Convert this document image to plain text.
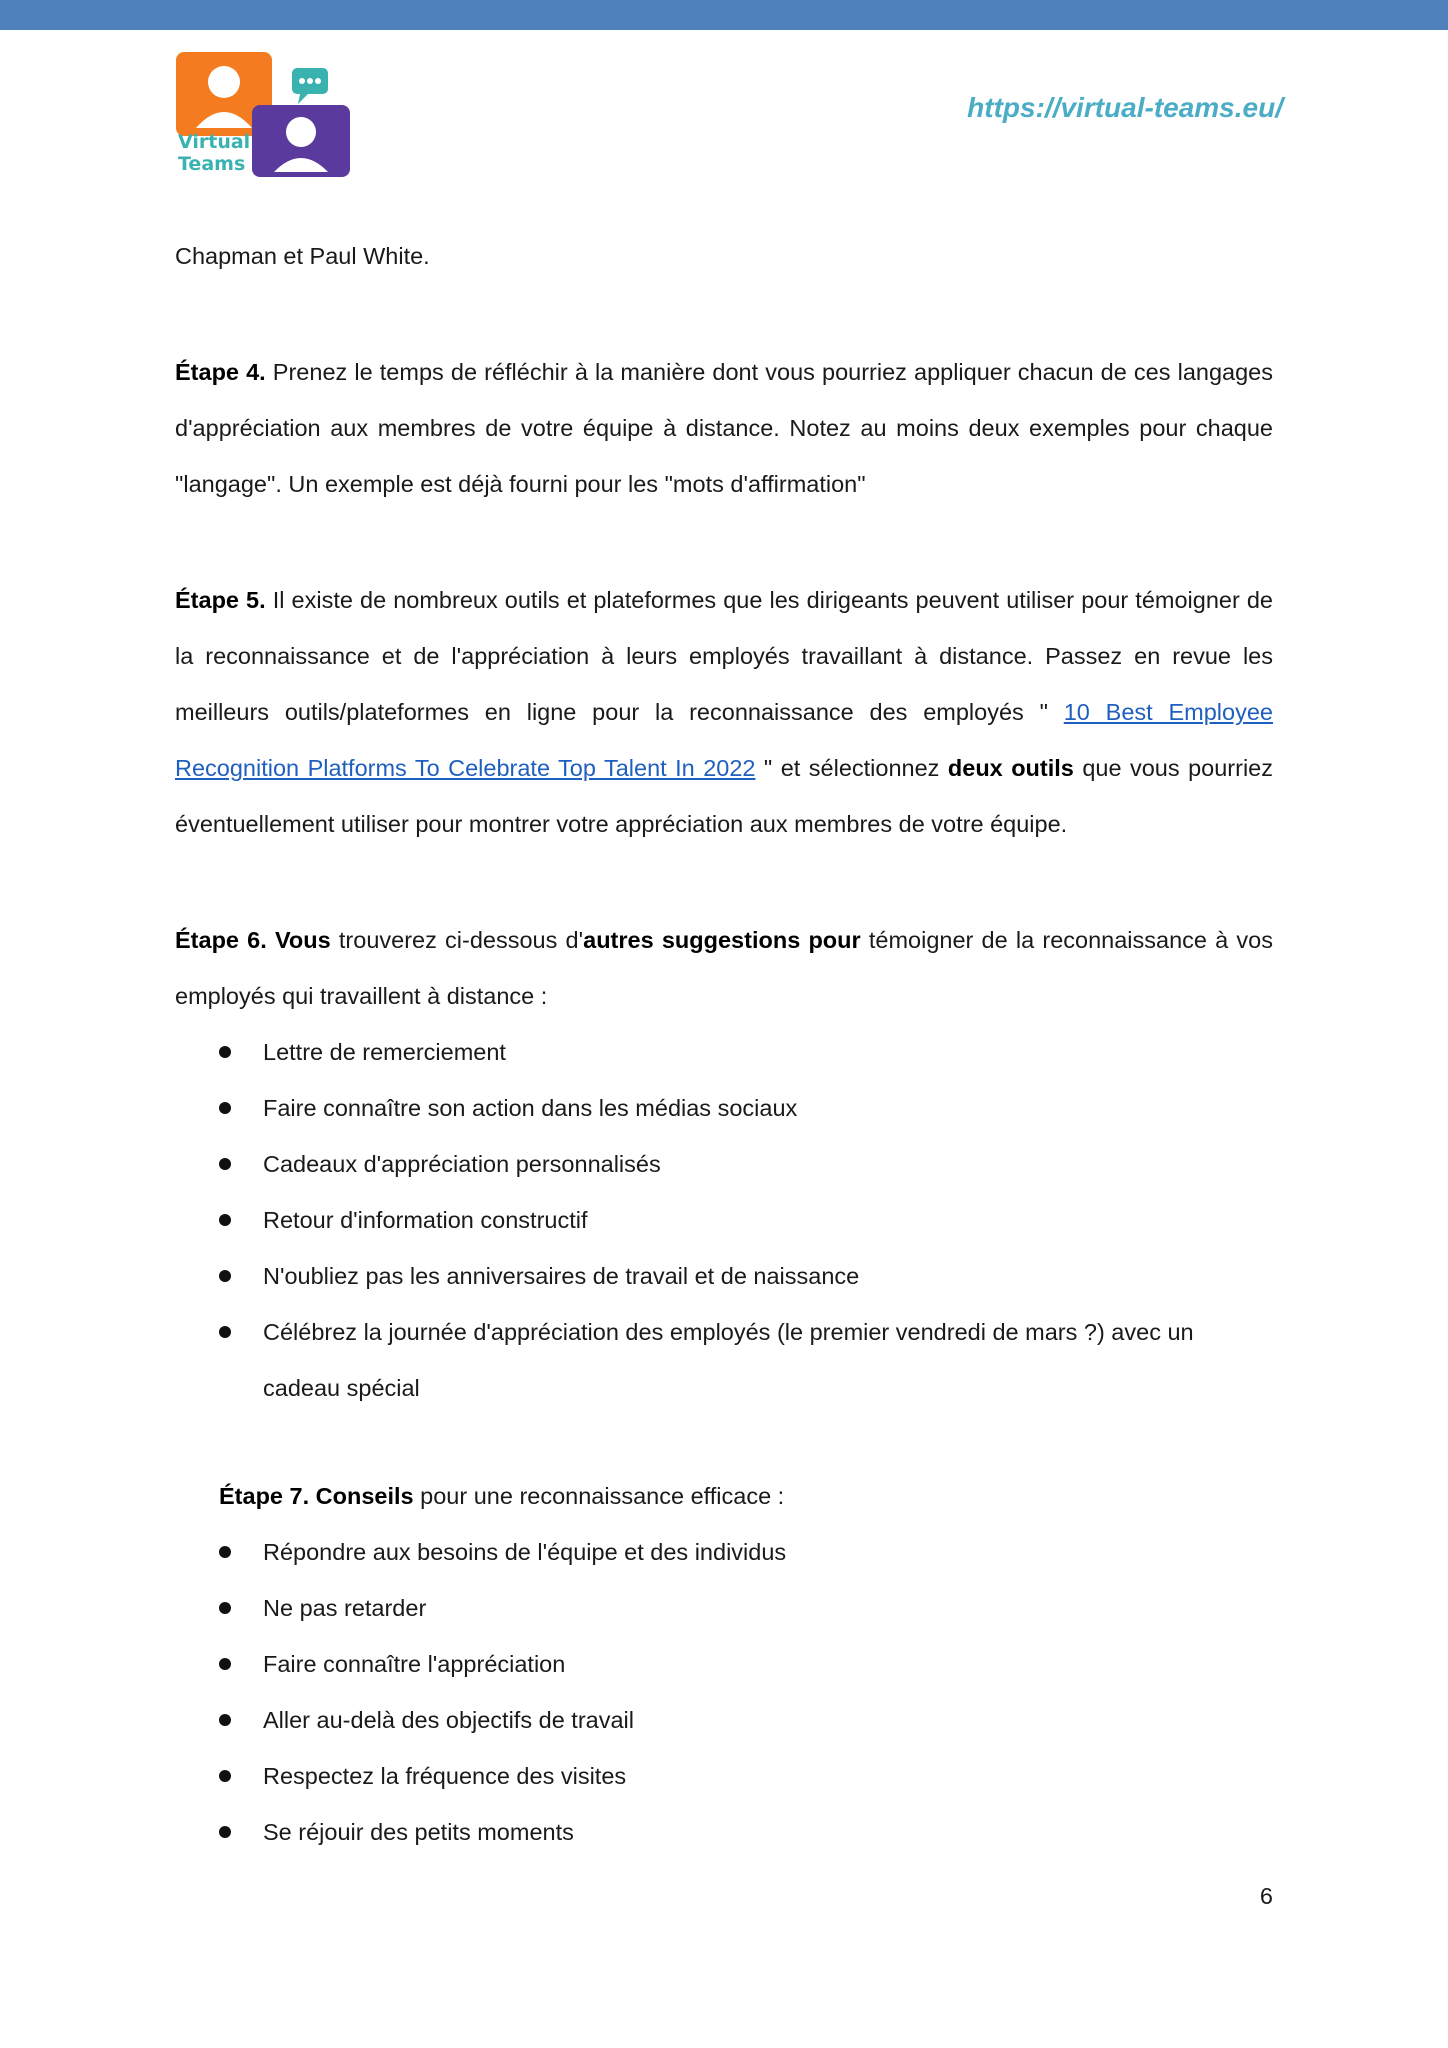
Virtual
Teams
https://virtual-teams.eu/

Chapman et Paul White.

Étape 4. Prenez le temps de réfléchir à la manière dont vous pourriez appliquer chacun de ces langages d'appréciation aux membres de votre équipe à distance. Notez au moins deux exemples pour chaque "langage". Un exemple est déjà fourni pour les "mots d'affirmation"

Étape 5. Il existe de nombreux outils et plateformes que les dirigeants peuvent utiliser pour témoigner de la reconnaissance et de l'appréciation à leurs employés travaillant à distance. Passez en revue les meilleurs outils/plateformes en ligne pour la reconnaissance des employés " 10 Best Employee Recognition Platforms To Celebrate Top Talent In 2022 " et sélectionnez deux outils que vous pourriez éventuellement utiliser pour montrer votre appréciation aux membres de votre équipe.

Étape 6. Vous trouverez ci-dessous d'autres suggestions pour témoigner de la reconnaissance à vos employés qui travaillent à distance :

Lettre de remerciement
Faire connaître son action dans les médias sociaux
Cadeaux d'appréciation personnalisés
Retour d'information constructif
N'oubliez pas les anniversaires de travail et de naissance
Célébrez la journée d'appréciation des employés (le premier vendredi de mars ?) avec un cadeau spécial

Étape 7. Conseils pour une reconnaissance efficace :

Répondre aux besoins de l'équipe et des individus
Ne pas retarder
Faire connaître l'appréciation
Aller au-delà des objectifs de travail
Respectez la fréquence des visites
Se réjouir des petits moments
6
